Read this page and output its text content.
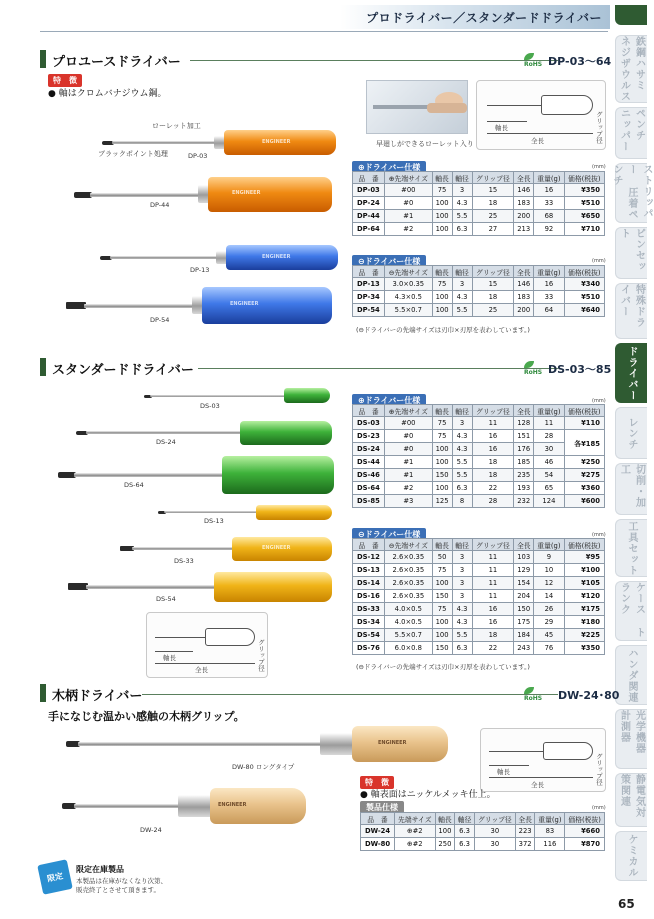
プロドライバー／スタンダードドライバー
鉄鋼ハサミ ネジザウルス
ペンチ ニッパー
ストリッパー 圧着ペンチ
ピンセット
特殊ドライバー
ドライバー
レンチ
切削・加工
工具セット
ケース トランク
ハンダ関連
光学機器 計測器
静電気対策関連
ケミカル
プロユースドライバー	RoHS DP-03〜64
特　徴
● 軸はクロムバナジウム鋼。
ローレット加工
ブラックポイント処理
ENGINEER
DP-03
ENGINEER
DP-44
ENGINEER
DP-13
ENGINEER
DP-54
早廻しができるローレット入り
軸長
全長	グリップ径
⊕ドライバー仕様	(mm)
品　番	⊕先端サイズ	軸長	軸径	グリップ径	全長	重量(g)	価格(税抜)
DP-03	#00	75	3	15	146	16	¥350
DP-24	#0	100	4.3	18	183	33	¥510
DP-44	#1	100	5.5	25	200	68	¥650
DP-64	#2	100	6.3	27	213	92	¥710
⊖ドライバー仕様	(mm)
品　番	⊖先端サイズ	軸長	軸径	グリップ径	全長	重量(g)	価格(税抜)
DP-13	3.0×0.35	75	3	15	146	16	¥340
DP-34	4.3×0.5	100	4.3	18	183	33	¥510
DP-54	5.5×0.7	100	5.5	25	200	64	¥640
(⊖ドライバーの先端サイズは刃巾×刃厚を表わしています。)
スタンダードドライバー	RoHS DS-03〜85
DS-03
DS-24
DS-64
DS-13
ENGINEER
DS-33
DS-54
軸長
全長	グリップ径
⊕ドライバー仕様	(mm)
品　番	⊕先端サイズ	軸長	軸径	グリップ径	全長	重量(g)	価格(税抜)
DS-03	#00	75	3	11	128	11	¥110
DS-23	#0	75	4.3	16	151	28	各¥185
DS-24	#0	100	4.3	16	176	30	
DS-44	#1	100	5.5	18	185	46	¥250
DS-46	#1	150	5.5	18	235	54	¥275
DS-64	#2	100	6.3	22	193	65	¥360
DS-85	#3	125	8	28	232	124	¥600
⊖ドライバー仕様	(mm)
品　番	⊖先端サイズ	軸長	軸径	グリップ径	全長	重量(g)	価格(税抜)
DS-12	2.6×0.35	50	3	11	103	9	¥95
DS-13	2.6×0.35	75	3	11	129	10	¥100
DS-14	2.6×0.35	100	3	11	154	12	¥105
DS-16	2.6×0.35	150	3	11	204	14	¥120
DS-33	4.0×0.5	75	4.3	16	150	26	¥175
DS-34	4.0×0.5	100	4.3	16	175	29	¥180
DS-54	5.5×0.7	100	5.5	18	184	45	¥225
DS-76	6.0×0.8	150	6.3	22	243	76	¥350
(⊖ドライバーの先端サイズは刃巾×刃厚を表わしています。)
木柄ドライバー	RoHS DW-24･80
手になじむ温かい感触の木柄グリップ。
ENGINEER
DW-80 ロングタイプ
ENGINEER
DW-24
軸長
全長	グリップ径
特　徴
● 軸表面はニッケルメッキ仕上。
製品仕様	(mm)
品　番	先端サイズ	軸長	軸径	グリップ径	全長	重量(g)	価格(税抜)
DW-24	⊕#2	100	6.3	30	223	83	¥660
DW-80	⊕#2	250	6.3	30	372	116	¥870
限定
限定在庫製品
本製品は在庫がなくなり次第、
販売終了とさせて頂きます。
65
